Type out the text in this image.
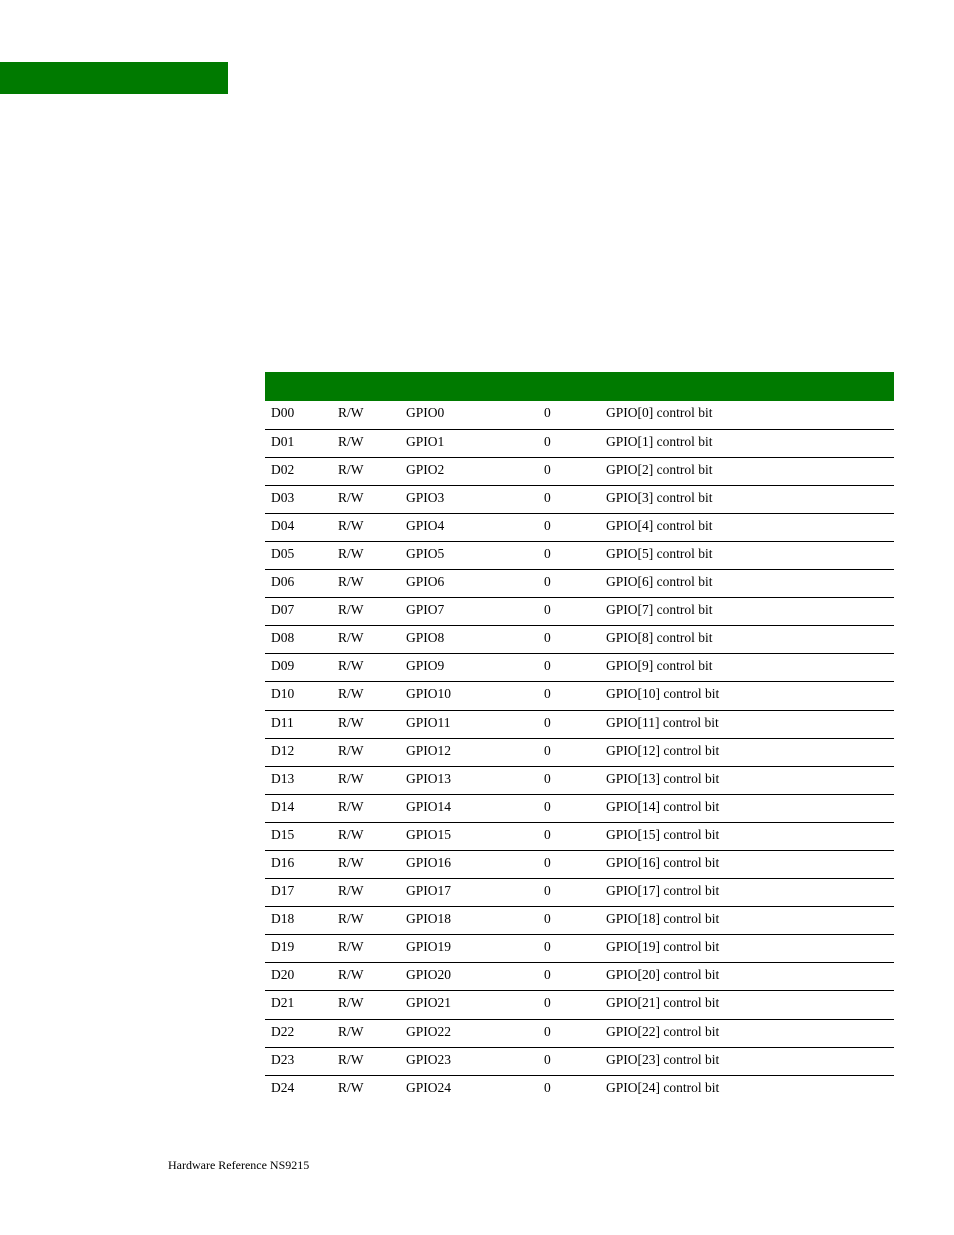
D00	R/W	GPIO0	0	GPIO[0] control bit
D01	R/W	GPIO1	0	GPIO[1] control bit
D02	R/W	GPIO2	0	GPIO[2] control bit
D03	R/W	GPIO3	0	GPIO[3] control bit
D04	R/W	GPIO4	0	GPIO[4] control bit
D05	R/W	GPIO5	0	GPIO[5] control bit
D06	R/W	GPIO6	0	GPIO[6] control bit
D07	R/W	GPIO7	0	GPIO[7] control bit
D08	R/W	GPIO8	0	GPIO[8] control bit
D09	R/W	GPIO9	0	GPIO[9] control bit
D10	R/W	GPIO10	0	GPIO[10] control bit
D11	R/W	GPIO11	0	GPIO[11] control bit
D12	R/W	GPIO12	0	GPIO[12] control bit
D13	R/W	GPIO13	0	GPIO[13] control bit
D14	R/W	GPIO14	0	GPIO[14] control bit
D15	R/W	GPIO15	0	GPIO[15] control bit
D16	R/W	GPIO16	0	GPIO[16] control bit
D17	R/W	GPIO17	0	GPIO[17] control bit
D18	R/W	GPIO18	0	GPIO[18] control bit
D19	R/W	GPIO19	0	GPIO[19] control bit
D20	R/W	GPIO20	0	GPIO[20] control bit
D21	R/W	GPIO21	0	GPIO[21] control bit
D22	R/W	GPIO22	0	GPIO[22] control bit
D23	R/W	GPIO23	0	GPIO[23] control bit
D24	R/W	GPIO24	0	GPIO[24] control bit
Hardware Reference NS9215
